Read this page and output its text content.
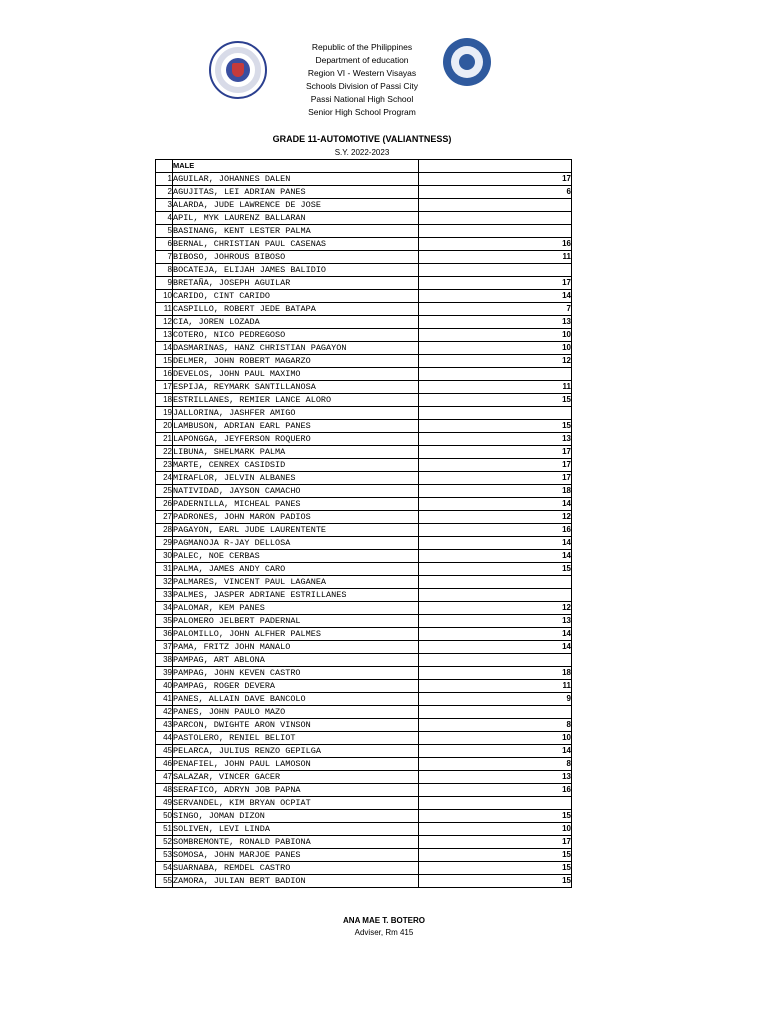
Republic of the Philippines
Department of education
Region VI - Western Visayas
Schools Division of Passi City
Passi National High School
Senior High School Program
GRADE 11-AUTOMOTIVE (VALIANTNESS)
S.Y. 2022-2023
	MALE	
1	AGUILAR, JOHANNES DALEN	17
2	AGUJITAS, LEI ADRIAN PANES	6
3	ALARDA, JUDE LAWRENCE DE JOSE	
4	APIL, MYK LAURENZ BALLARAN	
5	BASINANG, KENT LESTER PALMA	
6	BERNAL, CHRISTIAN PAUL CASENAS	16
7	BIBOSO, JOHROUS BIBOSO	11
8	BOCATEJA, ELIJAH JAMES BALIDIO	
9	BRETAÑA, JOSEPH AGUILAR	17
10	CARIDO, CINT CARIDO	14
11	CASPILLO, ROBERT JEDE BATAPA	7
12	CIA, JOREN LOZADA	13
13	COTERO, NICO PEDREGOSO	10
14	DASMARINAS, HANZ CHRISTIAN PAGAYON	10
15	DELMER, JOHN ROBERT MAGARZO	12
16	DEVELOS, JOHN PAUL MAXIMO	
17	ESPIJA, REYMARK SANTILLANOSA	11
18	ESTRILLANES, REMIER LANCE ALORO	15
19	JALLORINA, JASHFER AMIGO	
20	LAMBUSON, ADRIAN EARL PANES	15
21	LAPONGGA, JEYFERSON ROQUERO	13
22	LIBUNA, SHELMARK PALMA	17
23	MARTE, CENREX CASIDSID	17
24	MIRAFLOR, JELVIN ALBANES	17
25	NATIVIDAD, JAYSON CAMACHO	18
26	PADERNILLA, MICHEAL PANES	14
27	PADRONES, JOHN MARON PADIOS	12
28	PAGAYON, EARL JUDE LAURENTENTE	16
29	PAGMANOJA R-JAY DELLOSA	14
30	PALEC, NOE CERBAS	14
31	PALMA, JAMES ANDY CARO	15
32	PALMARES, VINCENT PAUL LAGANEA	
33	PALMES, JASPER ADRIANE ESTRILLANES	
34	PALOMAR, KEM PANES	12
35	PALOMERO JELBERT PADERNAL	13
36	PALOMILLO, JOHN ALFHER PALMES	14
37	PAMA, FRITZ JOHN MANALO	14
38	PAMPAG, ART ABLONA	
39	PAMPAG, JOHN KEVEN CASTRO	18
40	PAMPAG, ROGER DEVERA	11
41	PANES, ALLAIN DAVE BANCOLO	9
42	PANES, JOHN PAULO MAZO	
43	PARCON, DWIGHTE ARON VINSON	8
44	PASTOLERO, RENIEL BELIOT	10
45	PELARCA, JULIUS RENZO GEPILGA	14
46	PENAFIEL, JOHN PAUL LAMOSON	8
47	SALAZAR, VINCER GACER	13
48	SERAFICO, ADRYN JOB PAPNA	16
49	SERVANDEL, KIM BRYAN OCPIAT	
50	SINGO, JOMAN DIZON	15
51	SOLIVEN, LEVI LINDA	10
52	SOMBREMONTE, RONALD PABIONA	17
53	SOMOSA, JOHN MARJOE PANES	15
54	SUARNABA, REMDEL CASTRO	15
55	ZAMORA, JULIAN BERT BADION	15
ANA MAE T. BOTERO
Adviser, Rm 415
